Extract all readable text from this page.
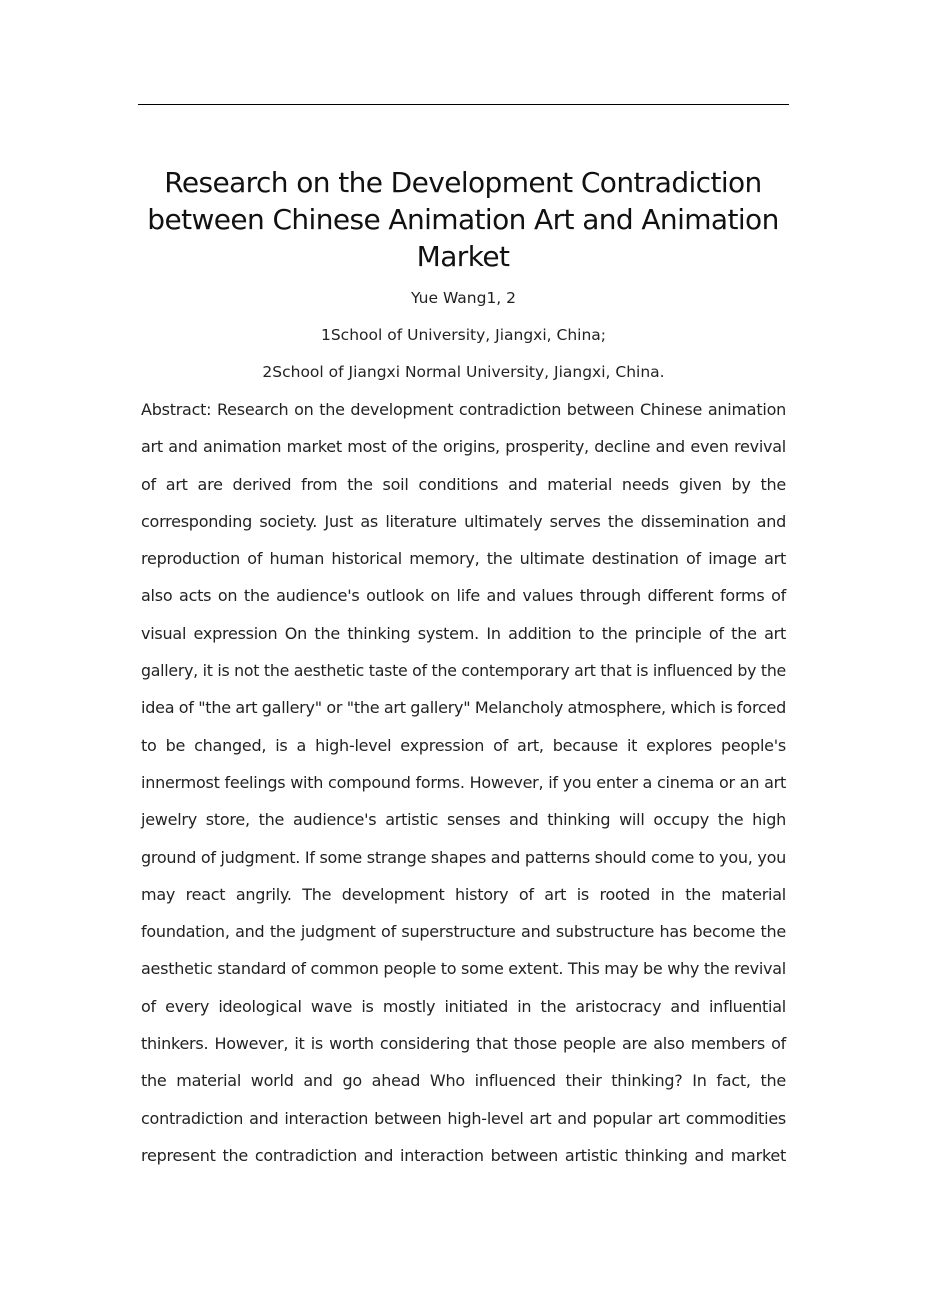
Research on the Development Contradiction
between Chinese Animation Art and Animation
Market

Yue Wang1, 2

1School of University, Jiangxi, China;

2School of Jiangxi Normal University, Jiangxi, China.

Abstract: Research on the development contradiction between Chinese animation
art and animation market most of the origins, prosperity, decline and even revival
of art are derived from the soil conditions and material needs given by the
corresponding society. Just as literature ultimately serves the dissemination and
reproduction of human historical memory, the ultimate destination of image art
also acts on the audience's outlook on life and values through different forms of
visual expression On the thinking system. In addition to the principle of the art
gallery, it is not the aesthetic taste of the contemporary art that is influenced by the
idea of "the art gallery" or "the art gallery" Melancholy atmosphere, which is forced
to be changed, is a high-level expression of art, because it explores people's
innermost feelings with compound forms. However, if you enter a cinema or an art
jewelry store, the audience's artistic senses and thinking will occupy the high
ground of judgment. If some strange shapes and patterns should come to you, you
may react angrily. The development history of art is rooted in the material
foundation, and the judgment of superstructure and substructure has become the
aesthetic standard of common people to some extent. This may be why the revival
of every ideological wave is mostly initiated in the aristocracy and influential
thinkers. However, it is worth considering that those people are also members of
the material world and go ahead Who influenced their thinking? In fact, the
contradiction and interaction between high-level art and popular art commodities
represent the contradiction and interaction between artistic thinking and market
